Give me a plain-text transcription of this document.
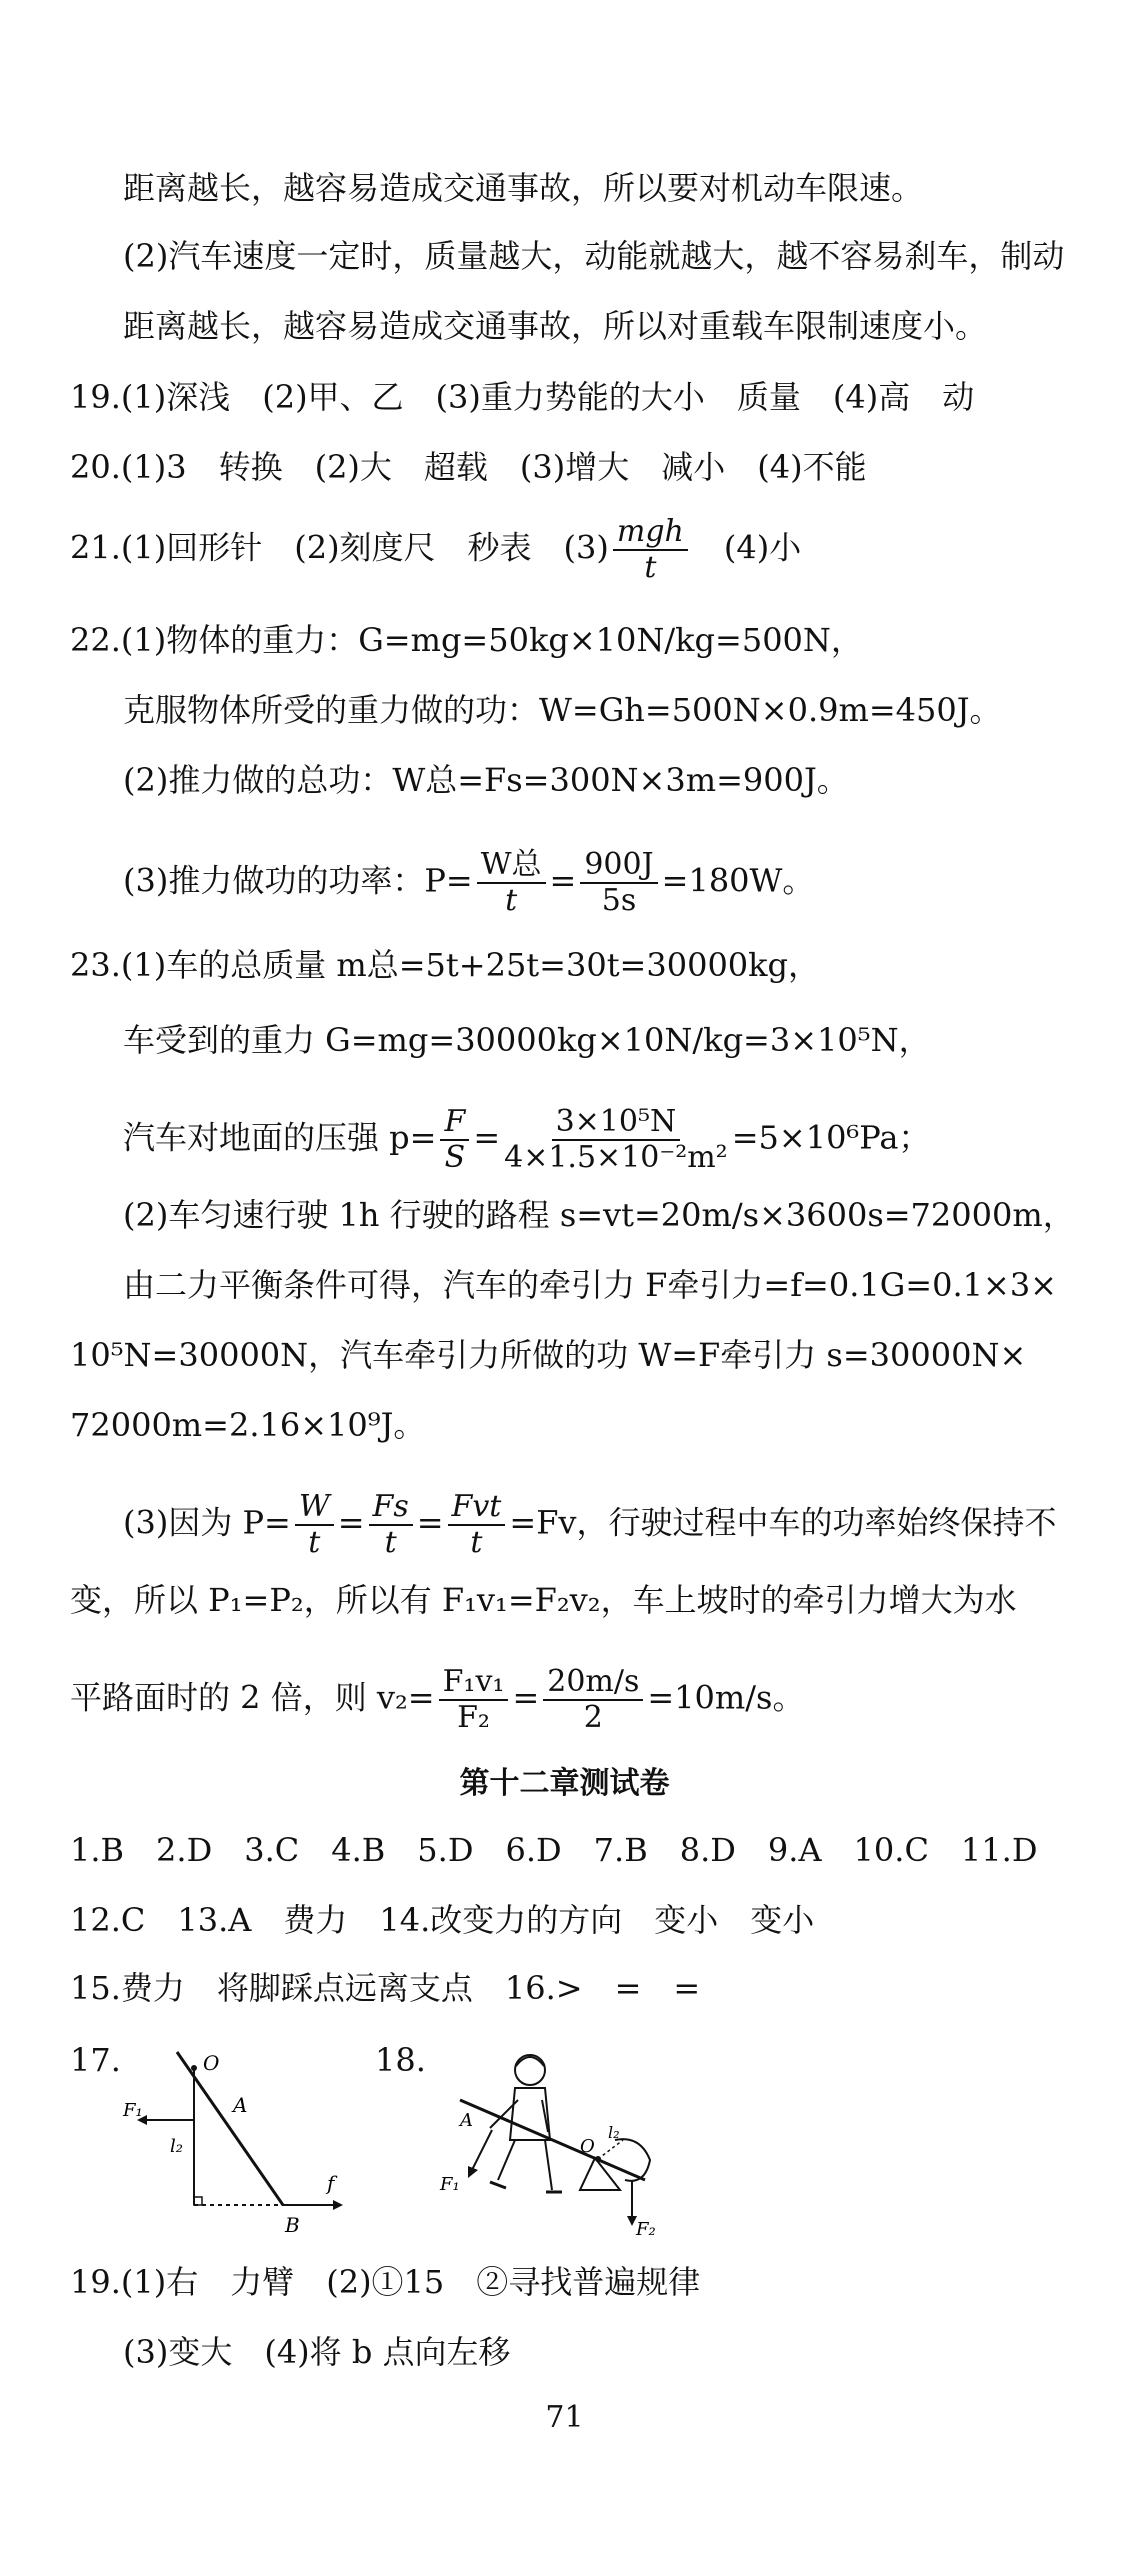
距离越长，越容易造成交通事故，所以要对机动车限速。
(2)汽车速度一定时，质量越大，动能就越大，越不容易刹车，制动
距离越长，越容易造成交通事故，所以对重载车限制速度小。
19.(1)深浅　(2)甲、乙　(3)重力势能的大小　质量　(4)高　动
20.(1)3　转换　(2)大　超载　(3)增大　减小　(4)不能
21.(1)回形针　(2)刻度尺　秒表　$(3) \frac{\text{mgh}}{t}$
　 (4)小
22.(1)物体的重力：G=mg=50kg×10N/kg=500N，
克服物体所受的重力做的功：W=Gh=500N×0.9m=450J。
(2)推力做的总功：W总=Fs=300N×3m=900J。
(3)推力做功的功率：$P= \frac{\text{W总}}{t} = \frac{900J}{5s} =180W$。
23.(1)车的总质量 m总=5t+25t=30t=30000kg，
车受到的重力 G=mg=30000kg×10N/kg=3×10⁵N，
汽车对地面的压强 $p= \frac{F}{S} = \frac{\text{3×10⁵N}}{\text{4×1.5×10⁻²m²}} =5\times 10^6Pa$；
(2)车匀速行驶 1h 行驶的路程 s=vt=20m/s×3600s=72000m，
由二力平衡条件可得，汽车的牵引力 F牵引力=f=0.1G=0.1×3×
10⁵N=30000N，汽车牵引力所做的功 W=F牵引力 s=30000N×
72000m=2.16×10⁹J。
(3)因为 $P= \frac{W}{t} = \frac{Fs}{t} = \frac{\text{Fvt}}{t} =Fv$，行驶过程中车的功率始终保持不
变，所以 P₁=P₂，所以有 F₁v₁=F₂v₂，车上坡时的牵引力增大为水
平路面时的 2 倍，则 $v_2= \frac{\text{F₁v₁}}{\text{F₂}} = \frac{20m/s}{2} =10m/s$。
第十二章测试卷
1.B　2.D　3.C　4.B　5.D　6.D　7.B　8.D　9.A　10.C　11.D
12.C　13.A　费力　14.改变力的方向　变小　变小
15.费力　将脚踩点远离支点　16.>　=　=
17.	18.
O
A
F₁
l₂
B
f
A
O
l₂
F₁
F₂
19.(1)右　力臂　(2)①15　②寻找普遍规律
(3)变大　(4)将 b 点向左移
71
